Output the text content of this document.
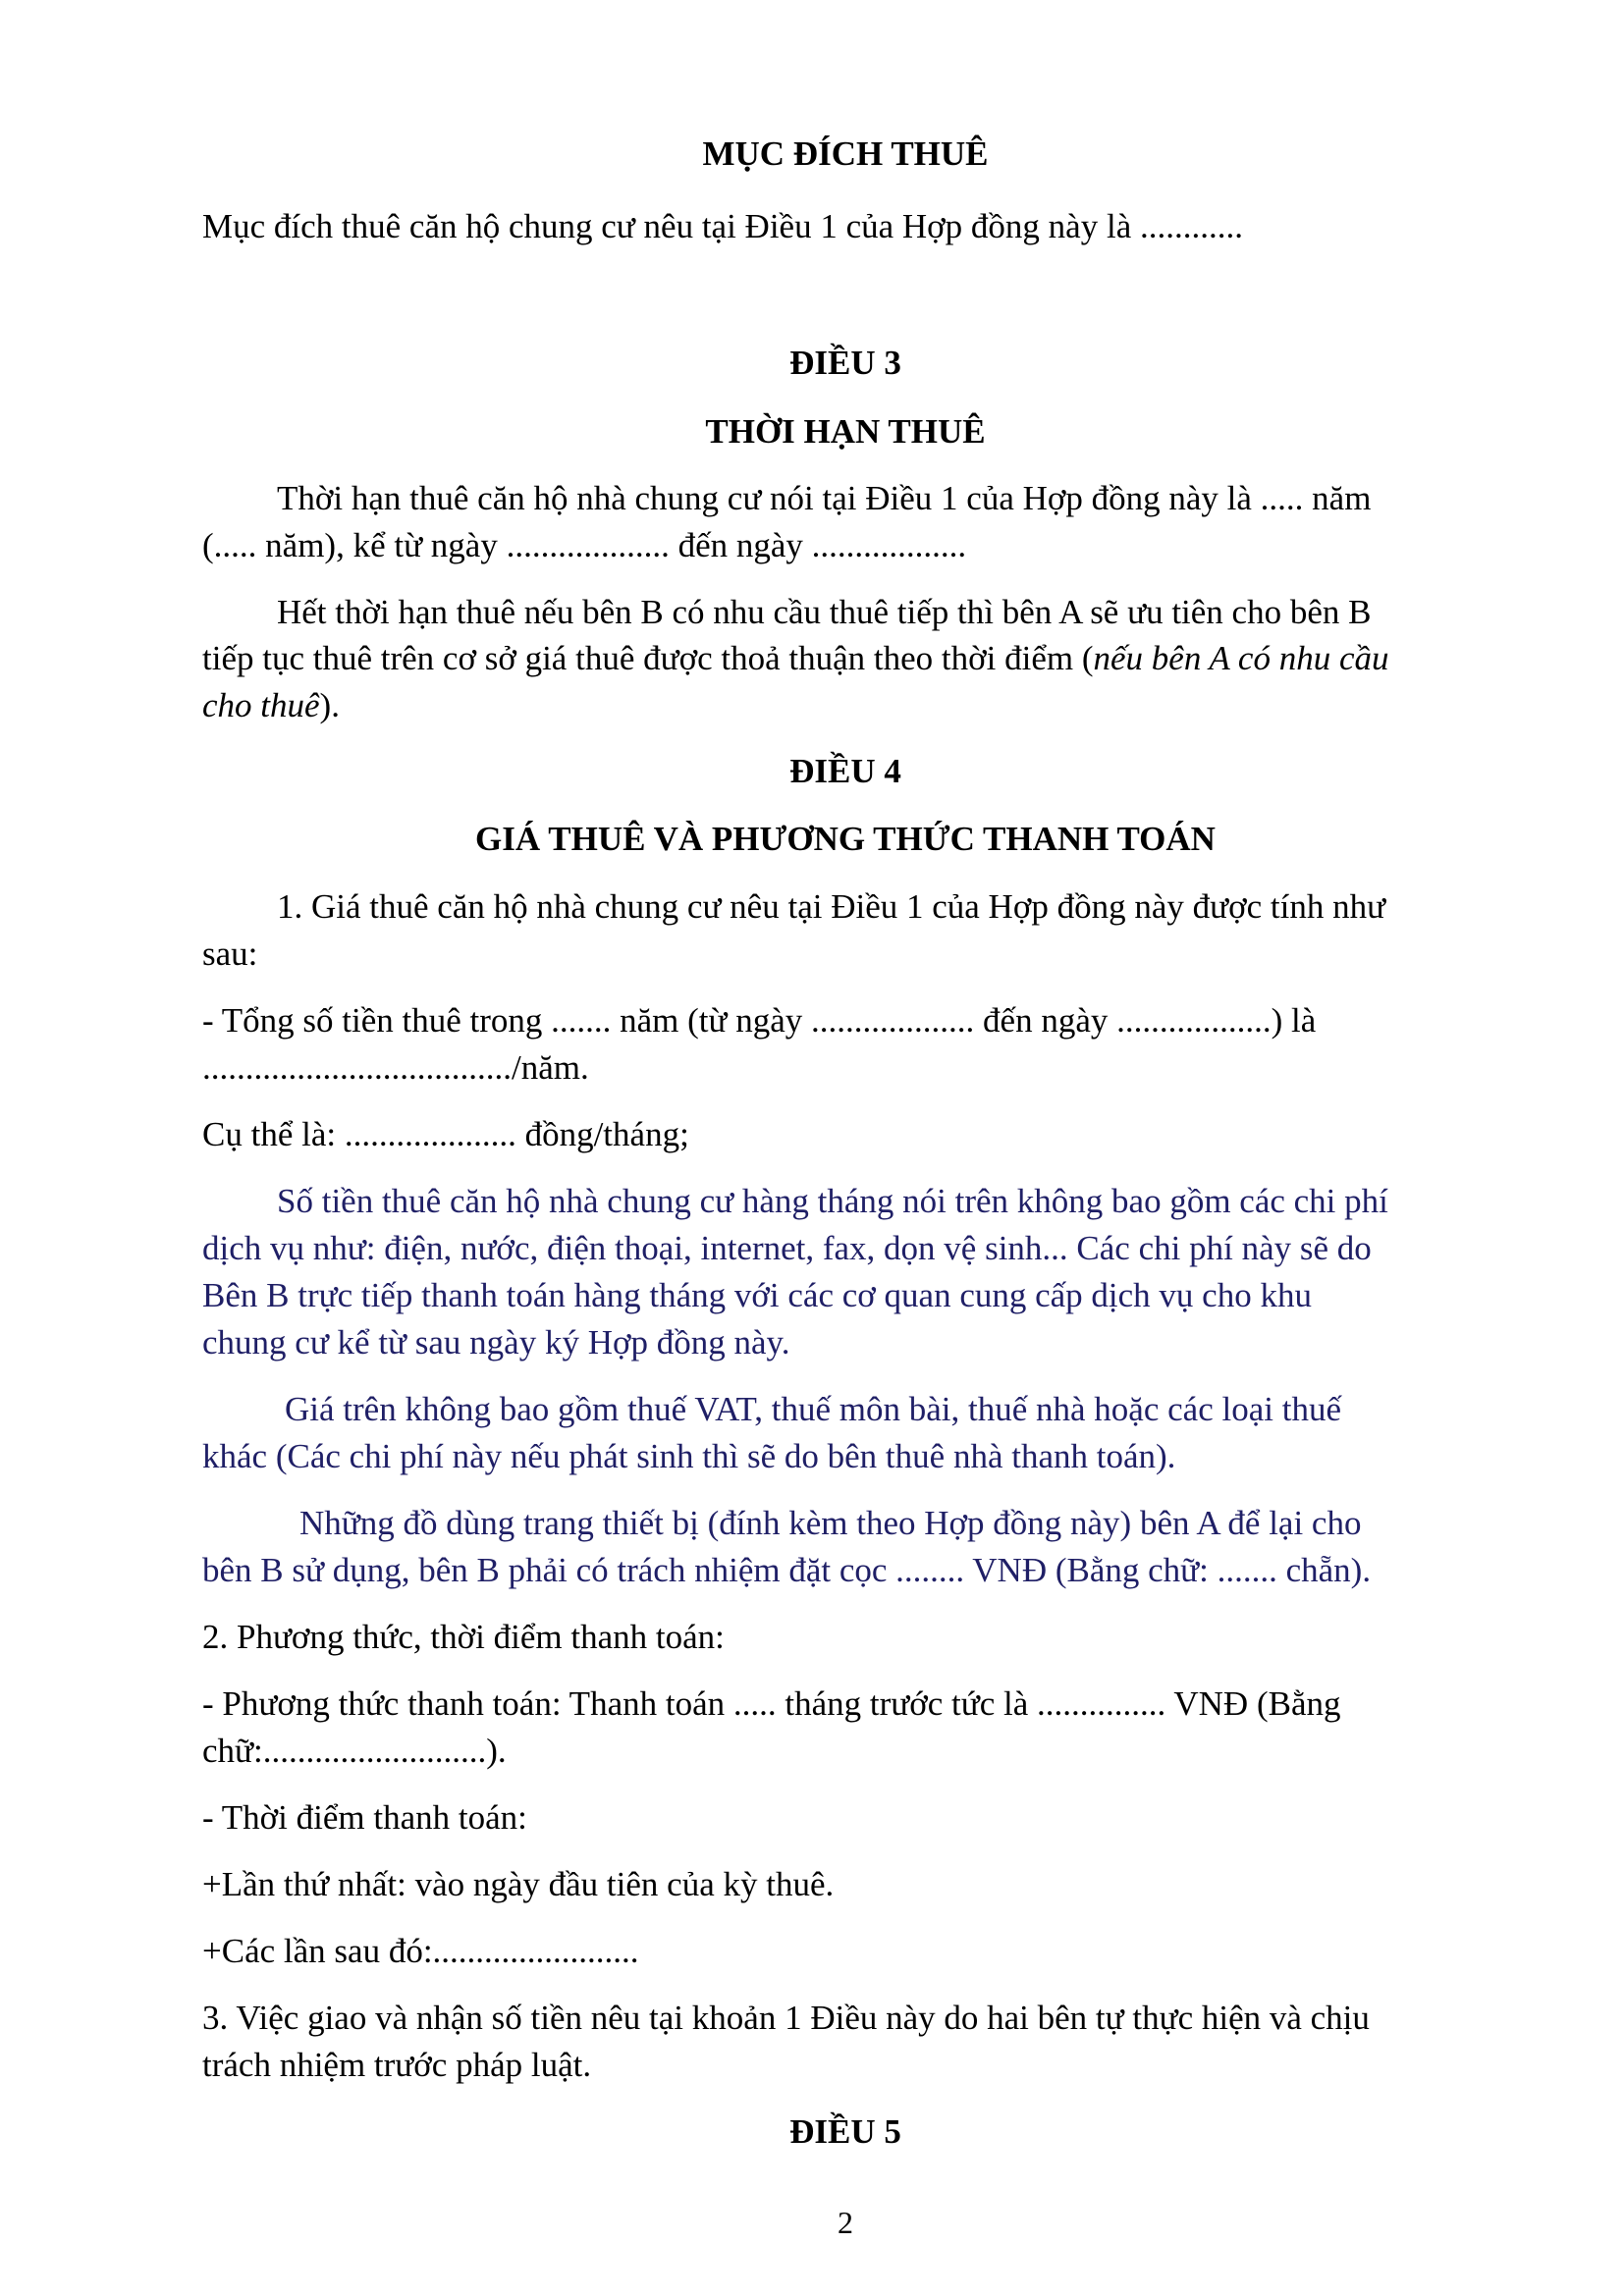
MỤC ĐÍCH THUÊ

Mục đích thuê căn hộ chung cư nêu tại Điều 1 của Hợp đồng này là ............

ĐIỀU 3

THỜI HẠN THUÊ

Thời hạn thuê căn hộ nhà chung cư nói tại Điều 1 của Hợp đồng này là ..... năm

(..... năm), kể từ ngày ................... đến ngày ..................

Hết thời hạn thuê nếu bên B có nhu cầu thuê tiếp thì bên A sẽ ưu tiên cho bên B

tiếp tục thuê trên cơ sở giá thuê được thoả thuận theo thời điểm (nếu bên A có nhu cầu

cho thuê).

ĐIỀU 4

GIÁ THUÊ VÀ PHƯƠNG THỨC THANH TOÁN

1. Giá thuê căn hộ nhà chung cư nêu tại Điều 1 của Hợp đồng này được tính như

sau:

- Tổng số tiền thuê trong ....... năm (từ ngày ................... đến ngày ..................) là

..................................../năm.

Cụ thể là: .................... đồng/tháng;

Số tiền thuê căn hộ nhà chung cư hàng tháng nói trên không bao gồm các chi phí

dịch vụ như: điện, nước, điện thoại, internet, fax, dọn vệ sinh... Các chi phí này sẽ do

Bên B trực tiếp thanh toán hàng tháng với các cơ quan cung cấp dịch vụ cho khu

chung cư kể từ sau ngày ký Hợp đồng này.

Giá trên không bao gồm thuế VAT, thuế môn bài, thuế nhà hoặc các loại thuế

khác (Các chi phí này nếu phát sinh thì sẽ do bên thuê nhà thanh toán).

Những đồ dùng trang thiết bị (đính kèm theo Hợp đồng này) bên A để lại cho

bên B sử dụng, bên B phải có trách nhiệm đặt cọc ........ VNĐ (Bằng chữ: ....... chẵn).

2. Phương thức, thời điểm thanh toán:

- Phương thức thanh toán: Thanh toán ..... tháng trước tức là ............... VNĐ (Bằng

chữ:..........................).

- Thời điểm thanh toán:

+Lần thứ nhất: vào ngày đầu tiên của kỳ thuê.

+Các lần sau đó:........................

3. Việc giao và nhận số tiền nêu tại khoản 1 Điều này do hai bên tự thực hiện và chịu

trách nhiệm trước pháp luật.

ĐIỀU 5

2
